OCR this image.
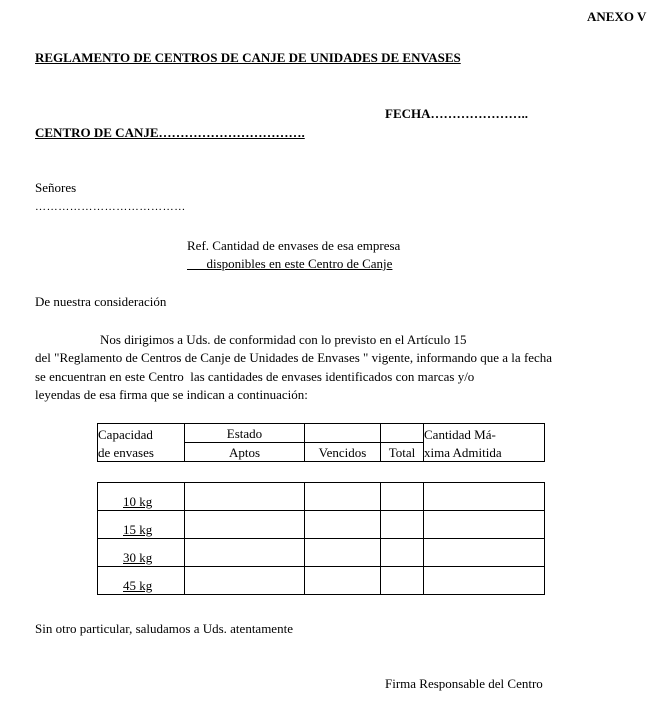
ANEXO V
REGLAMENTO DE CENTROS DE CANJE DE UNIDADES DE ENVASES
FECHA…………………..
CENTRO DE CANJE…………………………….
Señores
…………………………………
Ref. Cantidad de envases de esa empresa
disponibles en este Centro de Canje
De nuestra consideración
Nos dirigimos a Uds. de conformidad con lo previsto en el Artículo 15
del "Reglamento de Centros de Canje de Unidades de Envases " vigente, informando que a la fecha
se encuentran en este Centro  las cantidades de envases identificados con marcas y/o
leyendas de esa firma que se indican a continuación:
Capacidad	Estado			Cantidad Má-
de envases	Aptos	Vencidos	Total	xima Admitida
10 kg				
15 kg				
30 kg				
45 kg				
Sin otro particular, saludamos a Uds. atentamente
Firma Responsable del Centro
